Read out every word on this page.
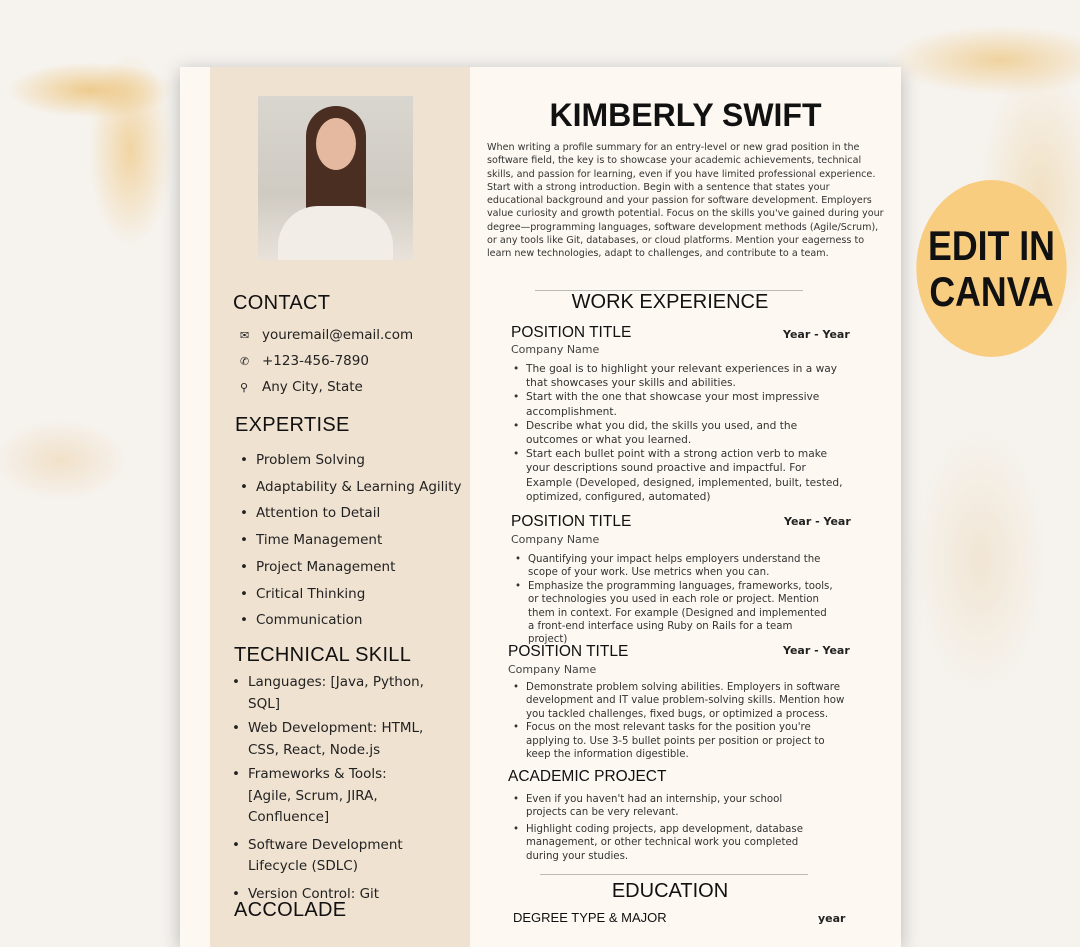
CONTACT
✉ youremail@email.com
✆ +123-456-7890
⚲ Any City, State
EXPERTISE
• Problem Solving
• Adaptability & Learning Agility
• Attention to Detail
• Time Management
• Project Management
• Critical Thinking
• Communication
TECHNICAL SKILL
• Languages: [Java, Python, SQL]
• Web Development: HTML, CSS, React, Node.js
• Frameworks & Tools: [Agile, Scrum, JIRA, Confluence]
• Software Development Lifecycle (SDLC)
• Version Control: Git
ACCOLADE
KIMBERLY SWIFT
When writing a profile summary for an entry-level or new grad position in the software field, the key is to showcase your academic achievements, technical skills, and passion for learning, even if you have limited professional experience. Start with a strong introduction. Begin with a sentence that states your educational background and your passion for software development. Employers value curiosity and growth potential. Focus on the skills you've gained during your degree—programming languages, software development methods (Agile/Scrum), or any tools like Git, databases, or cloud platforms. Mention your eagerness to learn new technologies, adapt to challenges, and contribute to a team.
WORK EXPERIENCE
POSITION TITLE	Year - Year
Company Name
• The goal is to highlight your relevant experiences in a way that showcases your skills and abilities.
• Start with the one that showcase your most impressive accomplishment.
• Describe what you did, the skills you used, and the outcomes or what you learned.
• Start each bullet point with a strong action verb to make your descriptions sound proactive and impactful. For Example (Developed, designed, implemented, built, tested, optimized, configured, automated)
POSITION TITLE	Year - Year
Company Name
• Quantifying your impact helps employers understand the scope of your work. Use metrics when you can.
• Emphasize the programming languages, frameworks, tools, or technologies you used in each role or project. Mention them in context. For example (Designed and implemented a front-end interface using Ruby on Rails for a team project)
POSITION TITLE	Year - Year
Company Name
• Demonstrate problem solving abilities. Employers in software development and IT value problem-solving skills. Mention how you tackled challenges, fixed bugs, or optimized a process.
• Focus on the most relevant tasks for the position you're applying to. Use 3-5 bullet points per position or project to keep the information digestible.
ACADEMIC PROJECT
• Even if you haven't had an internship, your school projects can be very relevant.
• Highlight coding projects, app development, database management, or other technical work you completed during your studies.
EDUCATION
DEGREE TYPE & MAJOR	year
EDIT IN
CANVA
